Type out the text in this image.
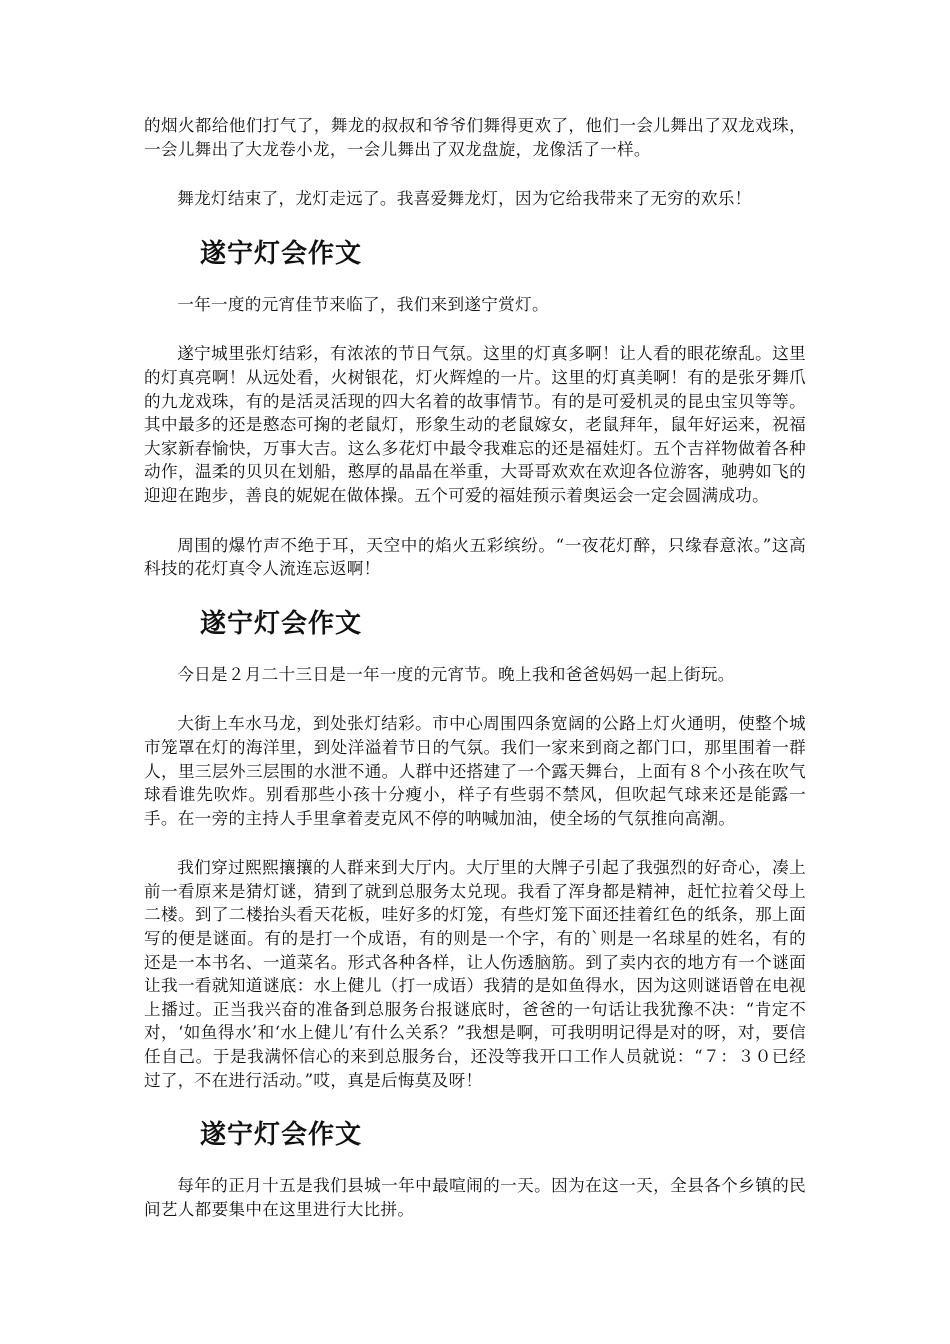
的烟火都给他们打气了，舞龙的叔叔和爷爷们舞得更欢了，他们一会儿舞出了双龙戏珠，一会儿舞出了大龙卷小龙，一会儿舞出了双龙盘旋，龙像活了一样。

舞龙灯结束了，龙灯走远了。我喜爱舞龙灯，因为它给我带来了无穷的欢乐！

遂宁灯会作文

一年一度的元宵佳节来临了，我们来到遂宁赏灯。

遂宁城里张灯结彩，有浓浓的节日气氛。这里的灯真多啊！让人看的眼花缭乱。这里的灯真亮啊！从远处看，火树银花，灯火辉煌的一片。这里的灯真美啊！有的是张牙舞爪的九龙戏珠，有的是活灵活现的四大名着的故事情节。有的是可爱机灵的昆虫宝贝等等。其中最多的还是憨态可掬的老鼠灯，形象生动的老鼠嫁女，老鼠拜年，鼠年好运来，祝福大家新春愉快，万事大吉。这么多花灯中最令我难忘的还是福娃灯。五个吉祥物做着各种动作，温柔的贝贝在划船，憨厚的晶晶在举重，大哥哥欢欢在欢迎各位游客，驰骋如飞的迎迎在跑步，善良的妮妮在做体操。五个可爱的福娃预示着奥运会一定会圆满成功。

周围的爆竹声不绝于耳，天空中的焰火五彩缤纷。“一夜花灯醉，只缘春意浓。”这高科技的花灯真令人流连忘返啊！

遂宁灯会作文

今日是２月二十三日是一年一度的元宵节。晚上我和爸爸妈妈一起上街玩。

大街上车水马龙，到处张灯结彩。市中心周围四条宽阔的公路上灯火通明，使整个城市笼罩在灯的海洋里，到处洋溢着节日的气氛。我们一家来到商之都门口，那里围着一群人，里三层外三层围的水泄不通。人群中还搭建了一个露天舞台，上面有８个小孩在吹气球看谁先吹炸。别看那些小孩十分瘦小，样子有些弱不禁风，但吹起气球来还是能露一手。在一旁的主持人手里拿着麦克风不停的呐喊加油，使全场的气氛推向高潮。

我们穿过熙熙攘攘的人群来到大厅内。大厅里的大牌子引起了我强烈的好奇心，凑上前一看原来是猜灯谜，猜到了就到总服务太兑现。我看了浑身都是精神，赶忙拉着父母上二楼。到了二楼抬头看天花板，哇好多的灯笼，有些灯笼下面还挂着红色的纸条，那上面写的便是谜面。有的是打一个成语，有的则是一个字，有的`则是一名球星的姓名，有的还是一本书名、一道菜名。形式各种各样，让人伤透脑筋。到了卖内衣的地方有一个谜面让我一看就知道谜底：水上健儿（打一成语）我猜的是如鱼得水，因为这则谜语曾在电视上播过。正当我兴奋的准备到总服务台报谜底时，爸爸的一句话让我犹豫不决：“肯定不对，‘如鱼得水’和‘水上健儿’有什么关系？”我想是啊，可我明明记得是对的呀，对，要信任自己。于是我满怀信心的来到总服务台，还没等我开口工作人员就说：“７：３０已经过了，不在进行活动。”哎，真是后悔莫及呀！

遂宁灯会作文

每年的正月十五是我们县城一年中最喧闹的一天。因为在这一天，全县各个乡镇的民间艺人都要集中在这里进行大比拼。
